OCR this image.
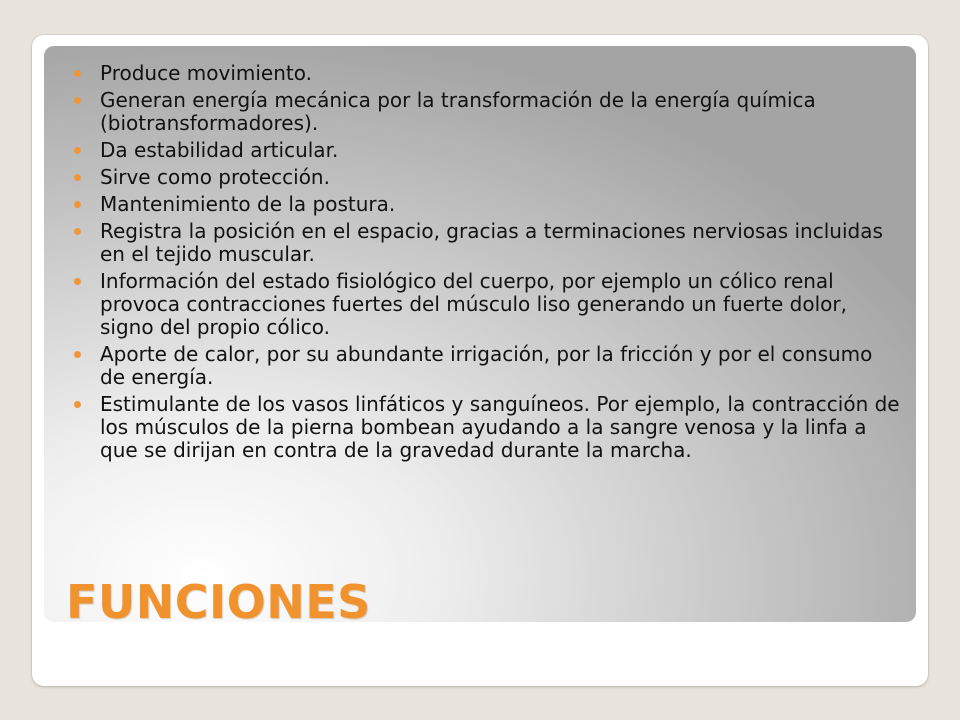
Produce movimiento.
Generan energía mecánica por la transformación de la energía química (biotransformadores).
Da estabilidad articular.
Sirve como protección.
Mantenimiento de la postura.
Registra la posición en el espacio, gracias a terminaciones nerviosas incluidas en el tejido muscular.
Información del estado fisiológico del cuerpo, por ejemplo un cólico renal provoca contracciones fuertes del músculo liso generando un fuerte dolor, signo del propio cólico.
Aporte de calor, por su abundante irrigación, por la fricción y por el consumo de energía.
Estimulante de los vasos linfáticos y sanguíneos. Por ejemplo, la contracción de los músculos de la pierna bombean ayudando a la sangre venosa y la linfa a que se dirijan en contra de la gravedad durante la marcha.
FUNCIONES
